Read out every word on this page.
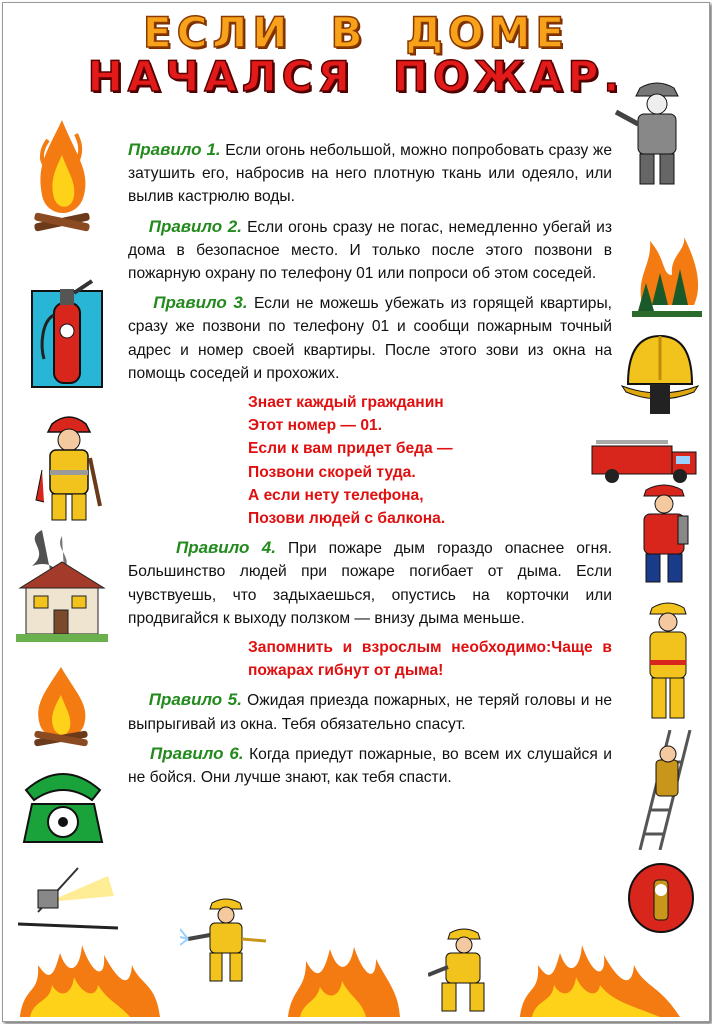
ЕСЛИ В ДОМЕ
НАЧАЛСЯ ПОЖАР.

Правило 1. Если огонь небольшой, можно попробовать сразу же затушить его, набросив на него плотную ткань или одеяло, или вылив кастрюлю воды.

Правило 2. Если огонь сразу не погас, немедленно убегай из дома в безопасное место. И только после этого позвони в пожарную охрану по телефону 01 или попроси об этом соседей.

Правило 3. Если не можешь убежать из горящей квартиры, сразу же позвони по телефону 01 и сообщи пожарным точный адрес и номер своей квартиры. После этого зови из окна на помощь соседей и прохожих.

Знает каждый гражданин
Этот номер — 01.
Если к вам придет беда —
Позвони скорей туда.
А если нету телефона,
Позови людей с балкона.

Правило 4. При пожаре дым гораздо опаснее огня. Большинство людей при пожаре погибает от дыма. Если чувствуешь, что задыхаешься, опустись на корточки или продвигайся к выходу ползком — внизу дыма меньше.

Запомнить и взрослым необходимо:Чаще в пожарах гибнут от дыма!

Правило 5. Ожидая приезда пожарных, не теряй головы и не выпрыгивай из окна. Тебя обязательно спасут.

Правило 6. Когда приедут пожарные, во всем их слушайся и не бойся. Они лучше знают, как тебя спасти.
